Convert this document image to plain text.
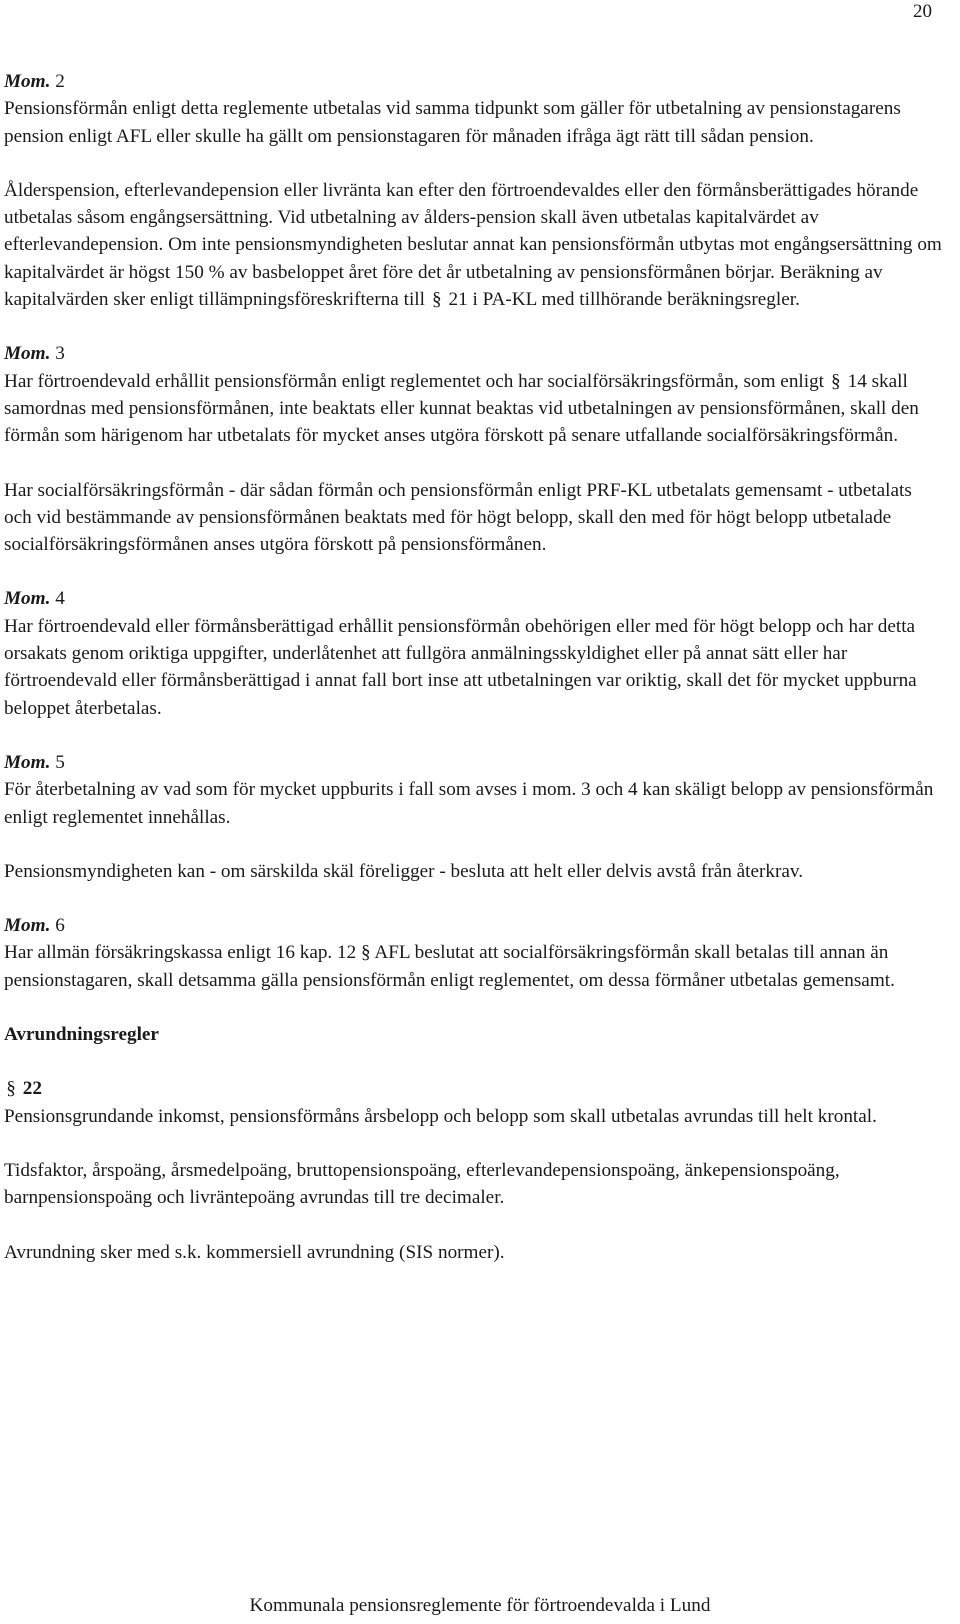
20
Mom. 2

Pensionsförmån enligt detta reglemente utbetalas vid samma tidpunkt som gäller för utbetalning av pensionstagarens pension enligt AFL eller skulle ha gällt om pensionstagaren för månaden ifråga ägt rätt till sådan pension.

Ålderspension, efterlevandepension eller livränta kan efter den förtroendevaldes eller den förmånsberättigades hörande utbetalas såsom engångsersättning. Vid utbetalning av ålders-pension skall även utbetalas kapitalvärdet av efterlevandepension. Om inte pensionsmyndigheten beslutar annat kan pensionsförmån utbytas mot engångsersättning om kapitalvärdet är högst 150 % av basbeloppet året före det år utbetalning av pensionsförmånen börjar. Beräkning av kapitalvärden sker enligt tillämpningsföreskrifterna till § 21 i PA-KL med tillhörande beräkningsregler.

Mom. 3

Har förtroendevald erhållit pensionsförmån enligt reglementet och har socialförsäkringsförmån, som enligt § 14 skall samordnas med pensionsförmånen, inte beaktats eller kunnat beaktas vid utbetalningen av pensionsförmånen, skall den förmån som härigenom har utbetalats för mycket anses utgöra förskott på senare utfallande socialförsäkringsförmån.

Har socialförsäkringsförmån - där sådan förmån och pensionsförmån enligt PRF-KL utbetalats gemensamt - utbetalats och vid bestämmande av pensionsförmånen beaktats med för högt belopp, skall den med för högt belopp utbetalade socialförsäkringsförmånen anses utgöra förskott på pensionsförmånen.

Mom. 4

Har förtroendevald eller förmånsberättigad erhållit pensionsförmån obehörigen eller med för högt belopp och har detta orsakats genom oriktiga uppgifter, underlåtenhet att fullgöra anmälningsskyldighet eller på annat sätt eller har förtroendevald eller förmånsberättigad i annat fall bort inse att utbetalningen var oriktig, skall det för mycket uppburna beloppet återbetalas.

Mom. 5

För återbetalning av vad som för mycket uppburits i fall som avses i mom. 3 och 4 kan skäligt belopp av pensionsförmån enligt reglementet innehållas.

Pensionsmyndigheten kan - om särskilda skäl föreligger - besluta att helt eller delvis avstå från återkrav.

Mom. 6

Har allmän försäkringskassa enligt 16 kap. 12 § AFL beslutat att socialförsäkringsförmån skall betalas till annan än pensionstagaren, skall detsamma gälla pensionsförmån enligt reglementet, om dessa förmåner utbetalas gemensamt.

Avrundningsregler
§ 22

Pensionsgrundande inkomst, pensionsförmåns årsbelopp och belopp som skall utbetalas avrundas till helt krontal.

Tidsfaktor, årspoäng, årsmedelpoäng, bruttopensionspoäng, efterlevandepensionspoäng, änkepensionspoäng, barnpensionspoäng och livräntepoäng avrundas till tre decimaler.

Avrundning sker med s.k. kommersiell avrundning (SIS normer).

Kommunala pensionsreglemente för förtroendevalda i Lund
